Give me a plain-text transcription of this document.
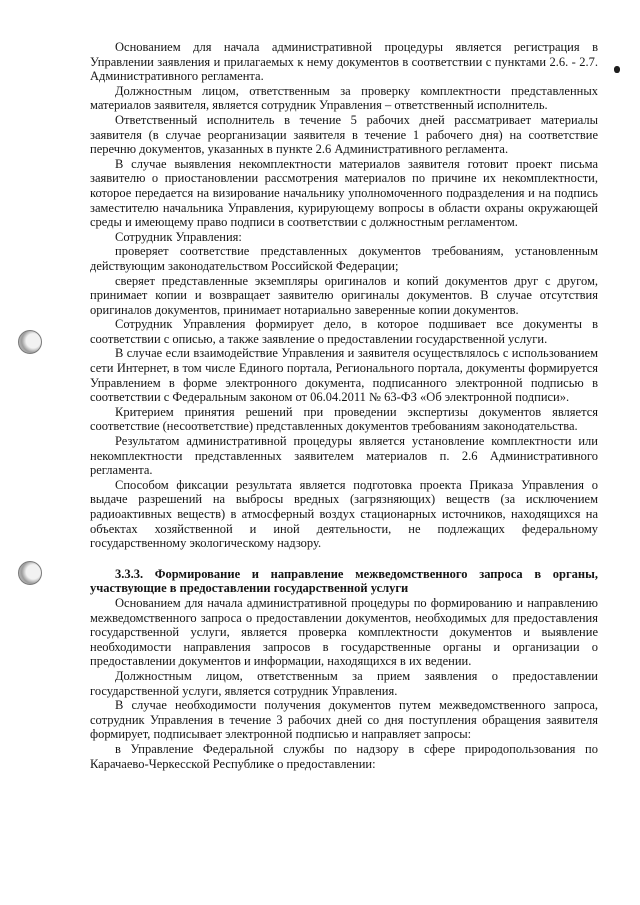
Основанием для начала административной процедуры является регистрация в Управлении заявления и прилагаемых к нему документов в соответствии с пунктами 2.6. - 2.7. Административного регламента.

Должностным лицом, ответственным за проверку комплектности представленных материалов заявителя, является сотрудник Управления – ответственный исполнитель.

Ответственный исполнитель в течение 5 рабочих дней рассматривает материалы заявителя (в случае реорганизации заявителя в течение 1 рабочего дня) на соответствие перечню документов, указанных в пункте 2.6 Административного регламента.

В случае выявления некомплектности материалов заявителя готовит проект письма заявителю о приостановлении рассмотрения материалов по причине их некомплектности, которое передается на визирование начальнику уполномоченного подразделения и на подпись заместителю начальника Управления, курирующему вопросы в области охраны окружающей среды и имеющему право подписи в соответствии с должностным регламентом.

Сотрудник Управления:

проверяет соответствие представленных документов требованиям, установленным действующим законодательством Российской Федерации;

сверяет представленные экземпляры оригиналов и копий документов друг с другом, принимает копии и возвращает заявителю оригиналы документов. В случае отсутствия оригиналов документов, принимает нотариально заверенные копии документов.

Сотрудник Управления формирует дело, в которое подшивает все документы в соответствии с описью, а также заявление о предоставлении государственной услуги.

В случае если взаимодействие Управления и заявителя осуществлялось с использованием сети Интернет, в том числе Единого портала, Регионального портала, документы формируется Управлением в форме электронного документа, подписанного электронной подписью в соответствии с Федеральным законом от 06.04.2011 № 63-ФЗ «Об электронной подписи».

Критерием принятия решений при проведении экспертизы документов является соответствие (несоответствие) представленных документов требованиям законодательства.

Результатом административной процедуры является установление комплектности или некомплектности представленных заявителем материалов п. 2.6 Административного регламента.

Способом фиксации результата является подготовка проекта Приказа Управления о выдаче разрешений на выбросы вредных (загрязняющих) веществ (за исключением радиоактивных веществ) в атмосферный воздух стационарных источников, находящихся на объектах хозяйственной и иной деятельности, не подлежащих федеральному государственному экологическому надзору.

3.3.3. Формирование и направление межведомственного запроса в органы, участвующие в предоставлении государственной услуги

Основанием для начала административной процедуры по формированию и направлению межведомственного запроса о предоставлении документов, необходимых для предоставления государственной услуги, является проверка комплектности документов и выявление необходимости направления запросов в государственные органы и организации о предоставлении документов и информации, находящихся в их ведении.

Должностным лицом, ответственным за прием заявления о предоставлении государственной услуги, является сотрудник Управления.

В случае необходимости получения документов путем межведомственного запроса, сотрудник Управления в течение 3 рабочих дней со дня поступления обращения заявителя формирует, подписывает электронной подписью и направляет запросы:

в Управление Федеральной службы по надзору в сфере природопользования по Карачаево-Черкесской Республике о предоставлении:
